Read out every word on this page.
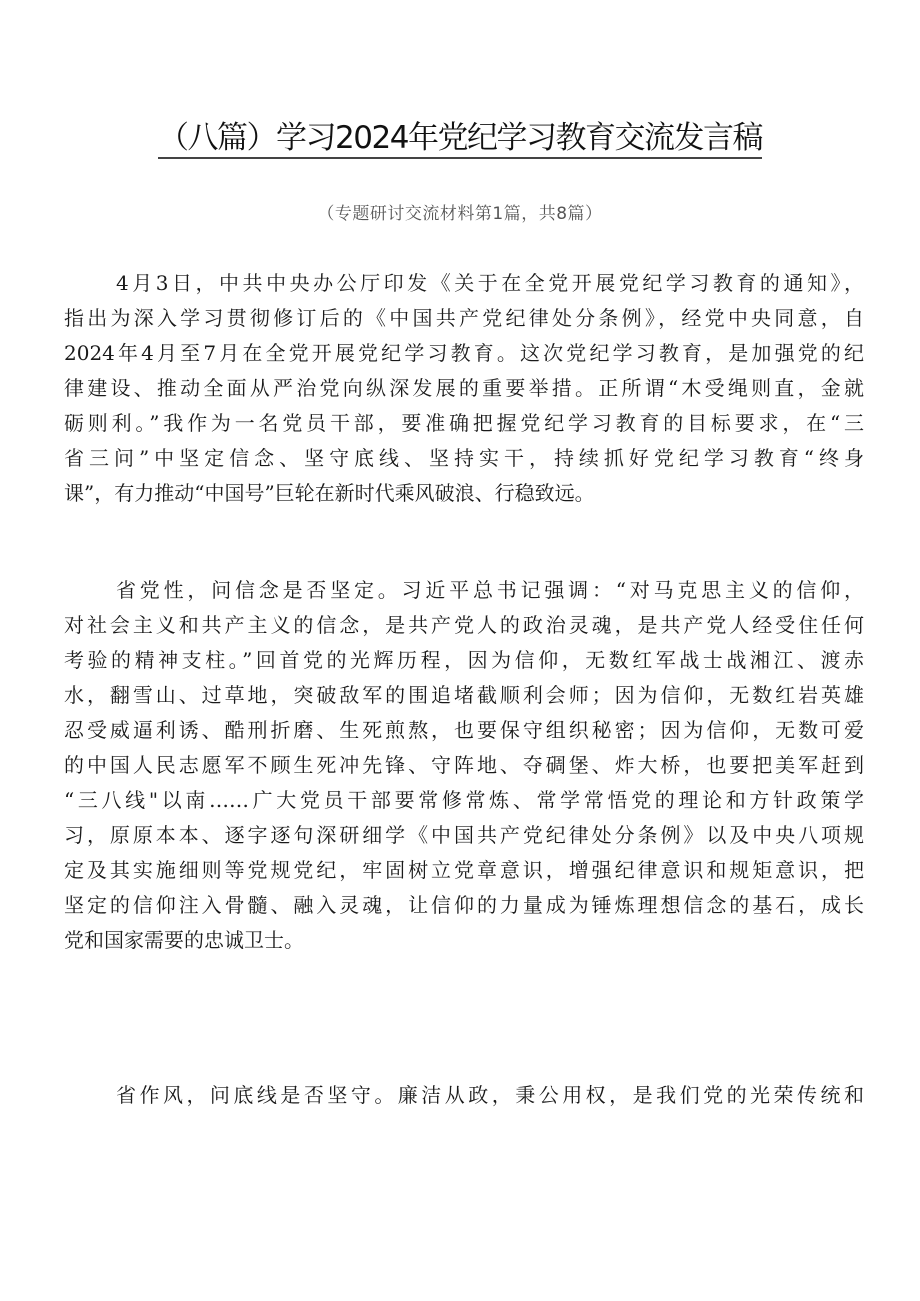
（八篇）学习2024年党纪学习教育交流发言稿
（专题研讨交流材料第1篇，共8篇）
4月3日，中共中央办公厅印发《关于在全党开展党纪学习教育的通知》，
指出为深入学习贯彻修订后的《中国共产党纪律处分条例》，经党中央同意，自
2024年4月至7月在全党开展党纪学习教育。这次党纪学习教育，是加强党的纪
律建设、推动全面从严治党向纵深发展的重要举措。正所谓“木受绳则直，金就
砺则利。”我作为一名党员干部，要准确把握党纪学习教育的目标要求，在“三
省三问”中坚定信念、坚守底线、坚持实干，持续抓好党纪学习教育“终身
课”，有力推动“中国号”巨轮在新时代乘风破浪、行稳致远。
省党性，问信念是否坚定。习近平总书记强调：“对马克思主义的信仰，
对社会主义和共产主义的信念，是共产党人的政治灵魂，是共产党人经受住任何
考验的精神支柱。”回首党的光辉历程，因为信仰，无数红军战士战湘江、渡赤
水，翻雪山、过草地，突破敌军的围追堵截顺利会师；因为信仰，无数红岩英雄
忍受威逼利诱、酷刑折磨、生死煎熬，也要保守组织秘密；因为信仰，无数可爱
的中国人民志愿军不顾生死冲先锋、守阵地、夺碉堡、炸大桥，也要把美军赶到
“三八线"以南……广大党员干部要常修常炼、常学常悟党的理论和方针政策学
习，原原本本、逐字逐句深研细学《中国共产党纪律处分条例》以及中央八项规
定及其实施细则等党规党纪，牢固树立党章意识，增强纪律意识和规矩意识，把
坚定的信仰注入骨髓、融入灵魂，让信仰的力量成为锤炼理想信念的基石，成长
党和国家需要的忠诚卫士。
省作风，问底线是否坚守。廉洁从政，秉公用权，是我们党的光荣传统和
